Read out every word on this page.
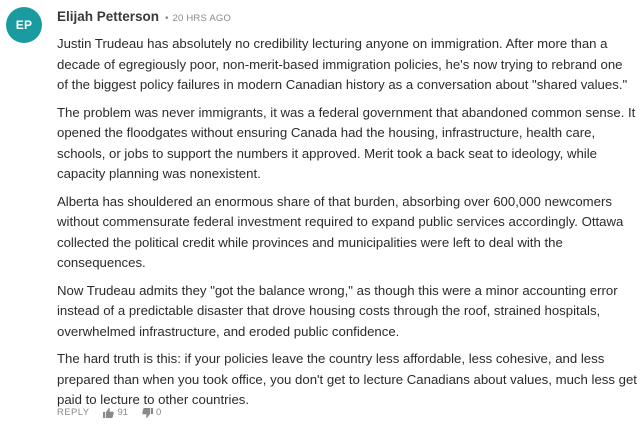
EP
Elijah Petterson • 20 HRS AGO

Justin Trudeau has absolutely no credibility lecturing anyone on immigration. After more than a decade of egregiously poor, non-merit-based immigration policies, he's now trying to rebrand one of the biggest policy failures in modern Canadian history as a conversation about "shared values."

The problem was never immigrants, it was a federal government that abandoned common sense. It opened the floodgates without ensuring Canada had the housing, infrastructure, health care, schools, or jobs to support the numbers it approved. Merit took a back seat to ideology, while capacity planning was nonexistent.

Alberta has shouldered an enormous share of that burden, absorbing over 600,000 newcomers without commensurate federal investment required to expand public services accordingly. Ottawa collected the political credit while provinces and municipalities were left to deal with the consequences.

Now Trudeau admits they "got the balance wrong," as though this were a minor accounting error instead of a predictable disaster that drove housing costs through the roof, strained hospitals, overwhelmed infrastructure, and eroded public confidence.

The hard truth is this: if your policies leave the country less affordable, less cohesive, and less prepared than when you took office, you don't get to lecture Canadians about values, much less get paid to lecture to other countries.

REPLY	91	0
